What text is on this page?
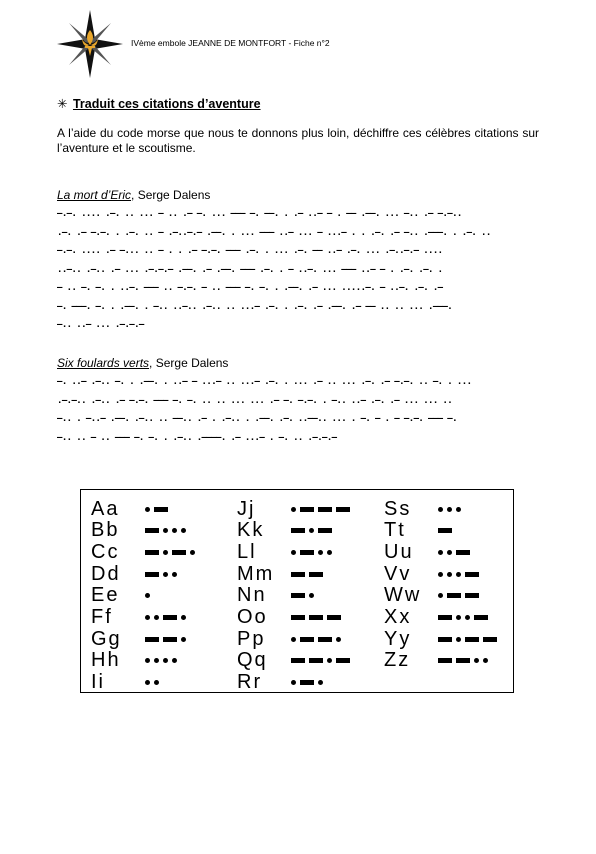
IVème embole JEANNE DE MONTFORT - Fiche n°2
✳ Traduit ces citations d’aventure
A l’aide du code morse que nous te donnons plus loin, déchiffre ces célèbres citations sur l’aventure et le scoutisme.
La mort d’Eric, Serge Dalens
–.–. .... .–. .. ... – .. .– –. ... ––– –. ––. . .– ..– – . –– .––. ... –.. .– –.–..
.–. .– –.–. . .–. .. – .–..–.– .––. . ... ––– ..– ... – ...– . . .–. .– –.. .–––. . .–. ..
–.–. .... .– –... .. – . . .– –.–. ––– .–. . ... .–. –– ..– .–. ... .–..–.– ....
..–.. .–.. .– ... .–.–.– .––. .– .––. ––– .–. . – ..–. ... ––– ..– – . .–. .–. .
– .. –. –. . ..–. ––– .. –.–. – .. ––– –. –. . .––. .– ... .....–. – ..–. .–. .–
–. –––. –. . .––. . –.. ..–.. .–.. .. ...– .–. . .–. .– .––. .– –– .. .. ... .–––.
–.. ..– ... .–.–.–
Six foulards verts, Serge Dalens
–. ..– .–.. –. . .––. . ..– – ...– .. ...– .–. . ... .– .. ... .–. .– –.–. .. –. . ...
.–.–.. .–.. .– –.–. ––– –. –. .. .. ... ... .– –. –.–. . –.. ..– .–. .– ... ... ..
–.. . –..– .––. .–.. .. ––.. .– . .–.. . .––. .–. ..––.. ... . –. – . – –.–. ––– –.
–.. .. – .. ––– –. –. . .–.. .––––. .– ...– . –. .. .–.–.–
Aa
Bb
Cc
Dd
Ee
Ff
Gg
Hh
Ii
Jj
Kk
Ll
Mm
Nn
Oo
Pp
Qq
Rr
Ss
Tt
Uu
Vv
Ww
Xx
Yy
Zz
